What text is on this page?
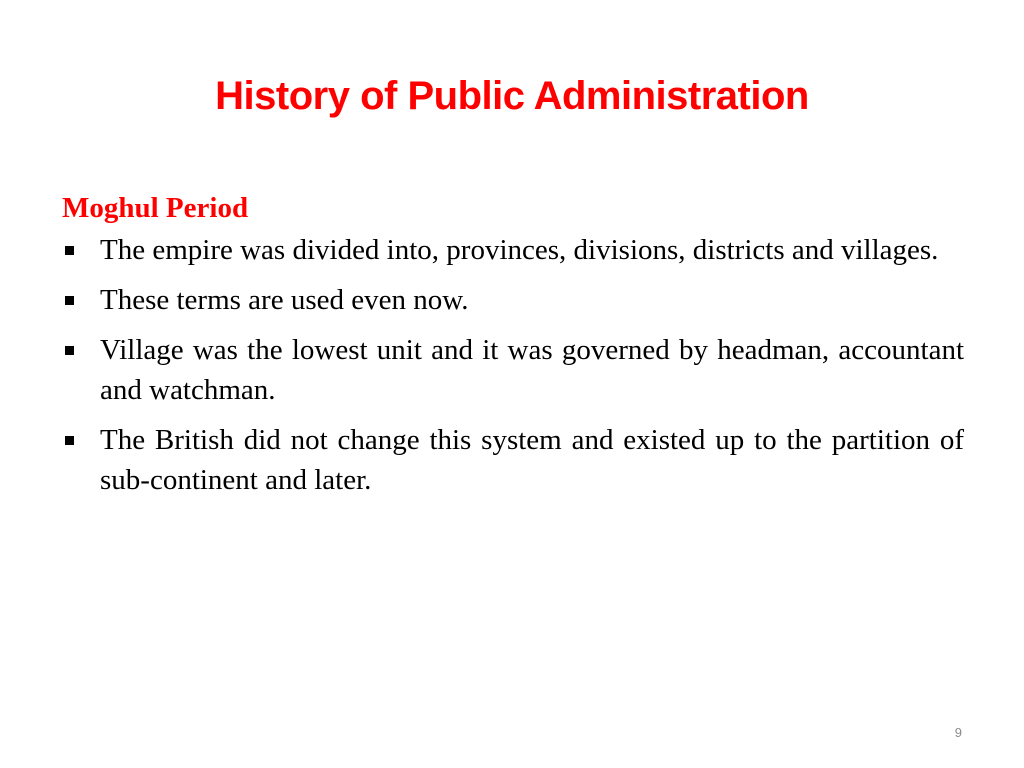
History of Public Administration
Moghul Period
The empire was divided into, provinces, divisions, districts and villages.
These terms are used even now.
Village was the lowest unit and it was governed by headman, accountant and watchman.
The British did not change this system and existed up to the partition of sub-continent and later.
9
